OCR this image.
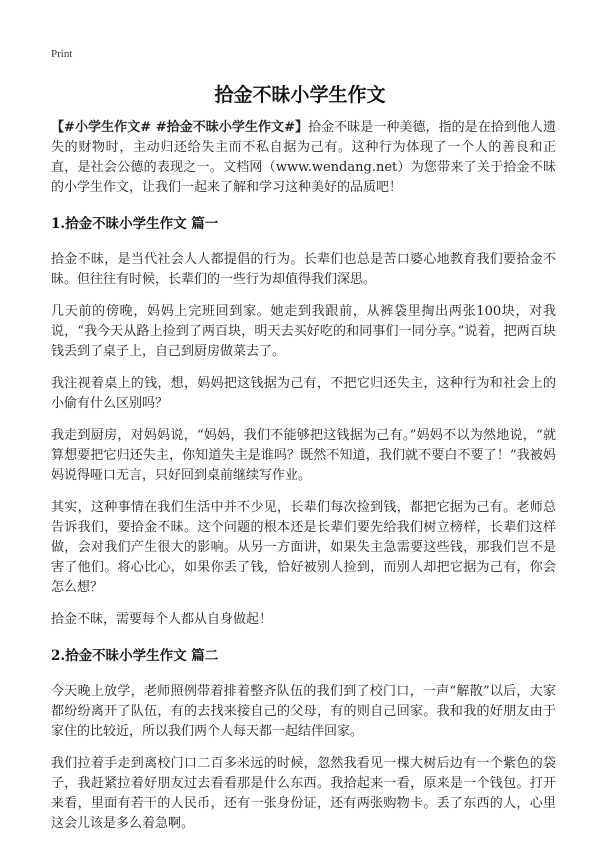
Print
拾金不昧小学生作文

【#小学生作文# #拾金不昧小学生作文#】拾金不昧是一种美德，指的是在拾到他人遗失的财物时，主动归还给失主而不私自据为己有。这种行为体现了一个人的善良和正直，是社会公德的表现之一。文档网（www.wendang.net）为您带来了关于拾金不昧的小学生作文，让我们一起来了解和学习这种美好的品质吧！

1.拾金不昧小学生作文 篇一

拾金不昧，是当代社会人人都提倡的行为。长辈们也总是苦口婆心地教育我们要拾金不昧。但往往有时候，长辈们的一些行为却值得我们深思。

几天前的傍晚，妈妈上完班回到家。她走到我跟前，从裤袋里掏出两张100块，对我说，“我今天从路上捡到了两百块，明天去买好吃的和同事们一同分享。”说着，把两百块钱丢到了桌子上，自己到厨房做菜去了。

我注视着桌上的钱，想，妈妈把这钱据为己有，不把它归还失主，这种行为和社会上的小偷有什么区别吗？

我走到厨房，对妈妈说，“妈妈，我们不能够把这钱据为己有。”妈妈不以为然地说，“就算想要把它归还失主，你知道失主是谁吗？既然不知道，我们就不要白不要了！”我被妈妈说得哑口无言，只好回到桌前继续写作业。

其实，这种事情在我们生活中并不少见，长辈们每次捡到钱，都把它据为己有。老师总告诉我们，要拾金不昧。这个问题的根本还是长辈们要先给我们树立榜样，长辈们这样做，会对我们产生很大的影响。从另一方面讲，如果失主急需要这些钱，那我们岂不是害了他们。将心比心，如果你丢了钱，恰好被别人捡到，而别人却把它据为己有，你会怎么想？

拾金不昧，需要每个人都从自身做起！

2.拾金不昧小学生作文 篇二

今天晚上放学，老师照例带着排着整齐队伍的我们到了校门口，一声“解散”以后，大家都纷纷离开了队伍，有的去找来接自己的父母，有的则自己回家。我和我的好朋友由于家住的比较近，所以我们两个人每天都一起结伴回家。

我们拉着手走到离校门口二百多米远的时候，忽然我看见一棵大树后边有一个紫色的袋子，我赶紧拉着好朋友过去看看那是什么东西。我拾起来一看，原来是一个钱包。打开来看，里面有若干的人民币，还有一张身份证，还有两张购物卡。丢了东西的人，心里这会儿该是多么着急啊。
